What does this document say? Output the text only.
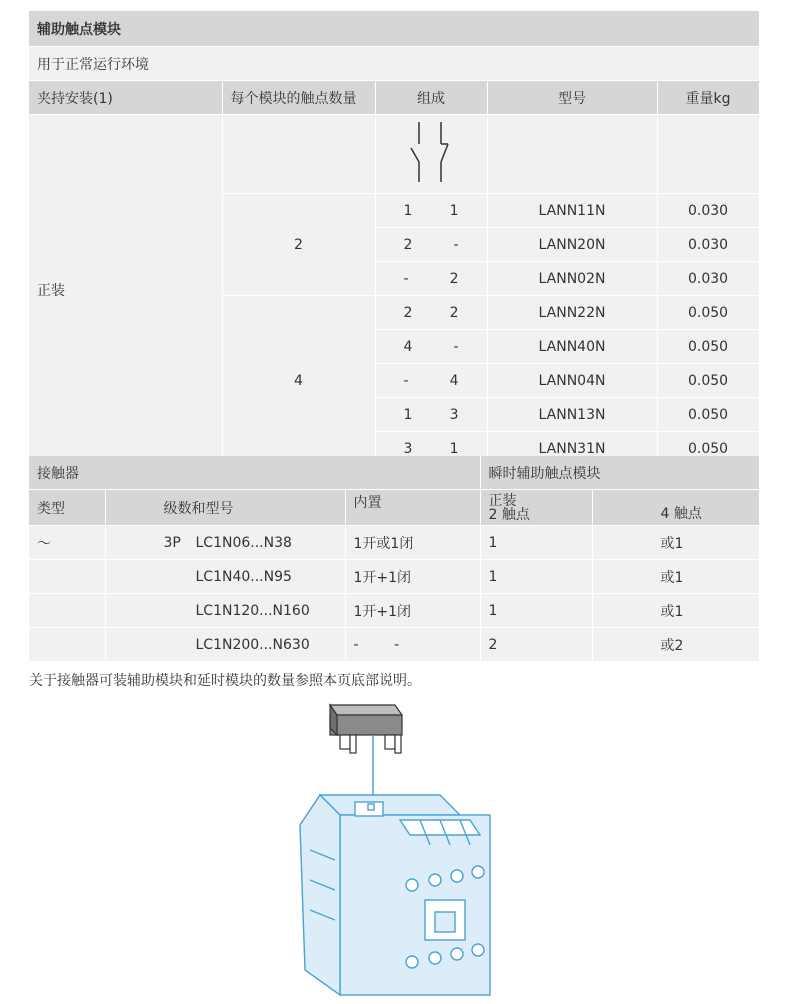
辅助触点模块				
用于正常运行环境				
夹持安装(1)	每个模块的触点数量	组成	型号	重量kg
正装				
	2	1 1	LANN11N	0.030

		2 -	LANN20N	0.030

		- 2	LANN02N	0.030
	4	2 2	LANN22N	0.050

		4 -	LANN40N	0.050

		- 4	LANN04N	0.050

		1 3	LANN13N	0.050

		3 1	LANN31N	0.050
接触器			瞬时辅助触点模块	
类型	级数和型号	内置	正装
2 触点	4 触点
～	3P LC1N06...N38	1开或1闭	1	或1
	LC1N40...N95	1开+1闭	1	或1
	LC1N120...N160	1开+1闭	1	或1
	LC1N200...N630	-        -	2	或2
关于接触器可装辅助模块和延时模块的数量参照本页底部说明。
